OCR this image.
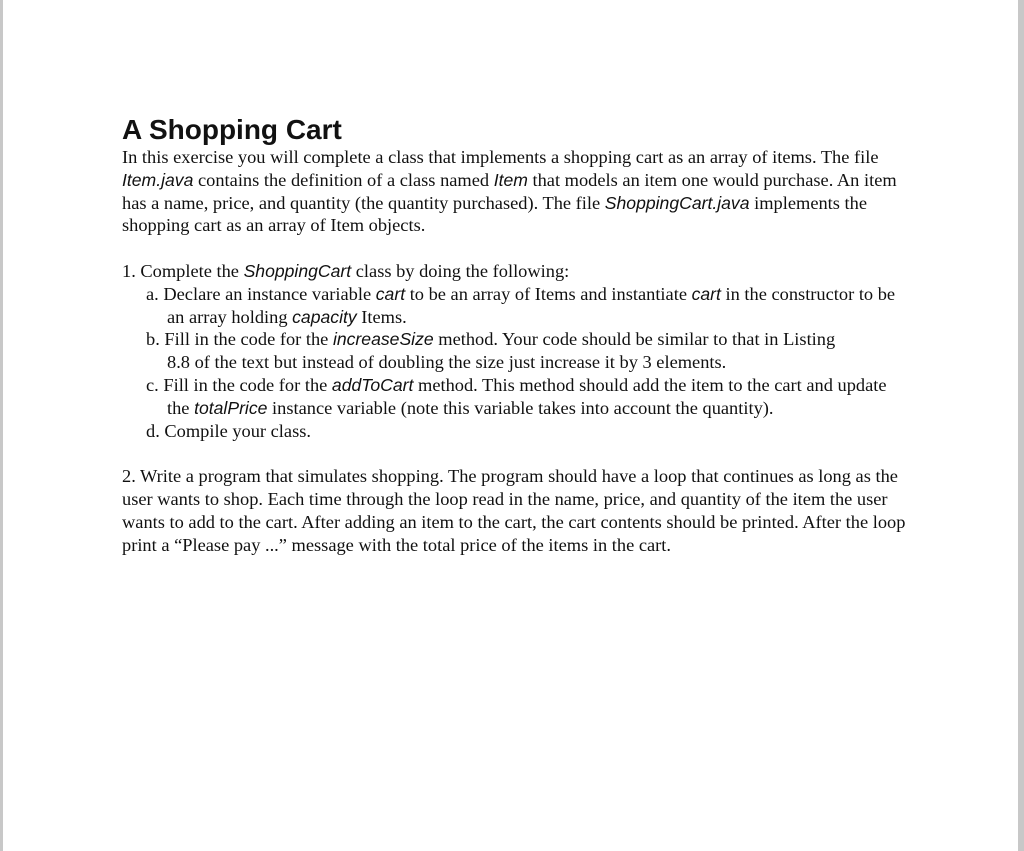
A Shopping Cart

In this exercise you will complete a class that implements a shopping cart as an array of items. The file Item.java contains the definition of a class named Item that models an item one would purchase. An item has a name, price, and quantity (the quantity purchased). The file ShoppingCart.java implements the shopping cart as an array of Item objects.

1. Complete the ShoppingCart class by doing the following:

a. Declare an instance variable cart to be an array of Items and instantiate cart in the constructor to be an array holding capacity Items.

b. Fill in the code for the increaseSize method. Your code should be similar to that in Listing

8.8 of the text but instead of doubling the size just increase it by 3 elements.

c. Fill in the code for the addToCart method. This method should add the item to the cart and update the totalPrice instance variable (note this variable takes into account the quantity).

d. Compile your class.

2. Write a program that simulates shopping. The program should have a loop that continues as long as the user wants to shop. Each time through the loop read in the name, price, and quantity of the item the user wants to add to the cart. After adding an item to the cart, the cart contents should be printed. After the loop print a “Please pay ...” message with the total price of the items in the cart.
